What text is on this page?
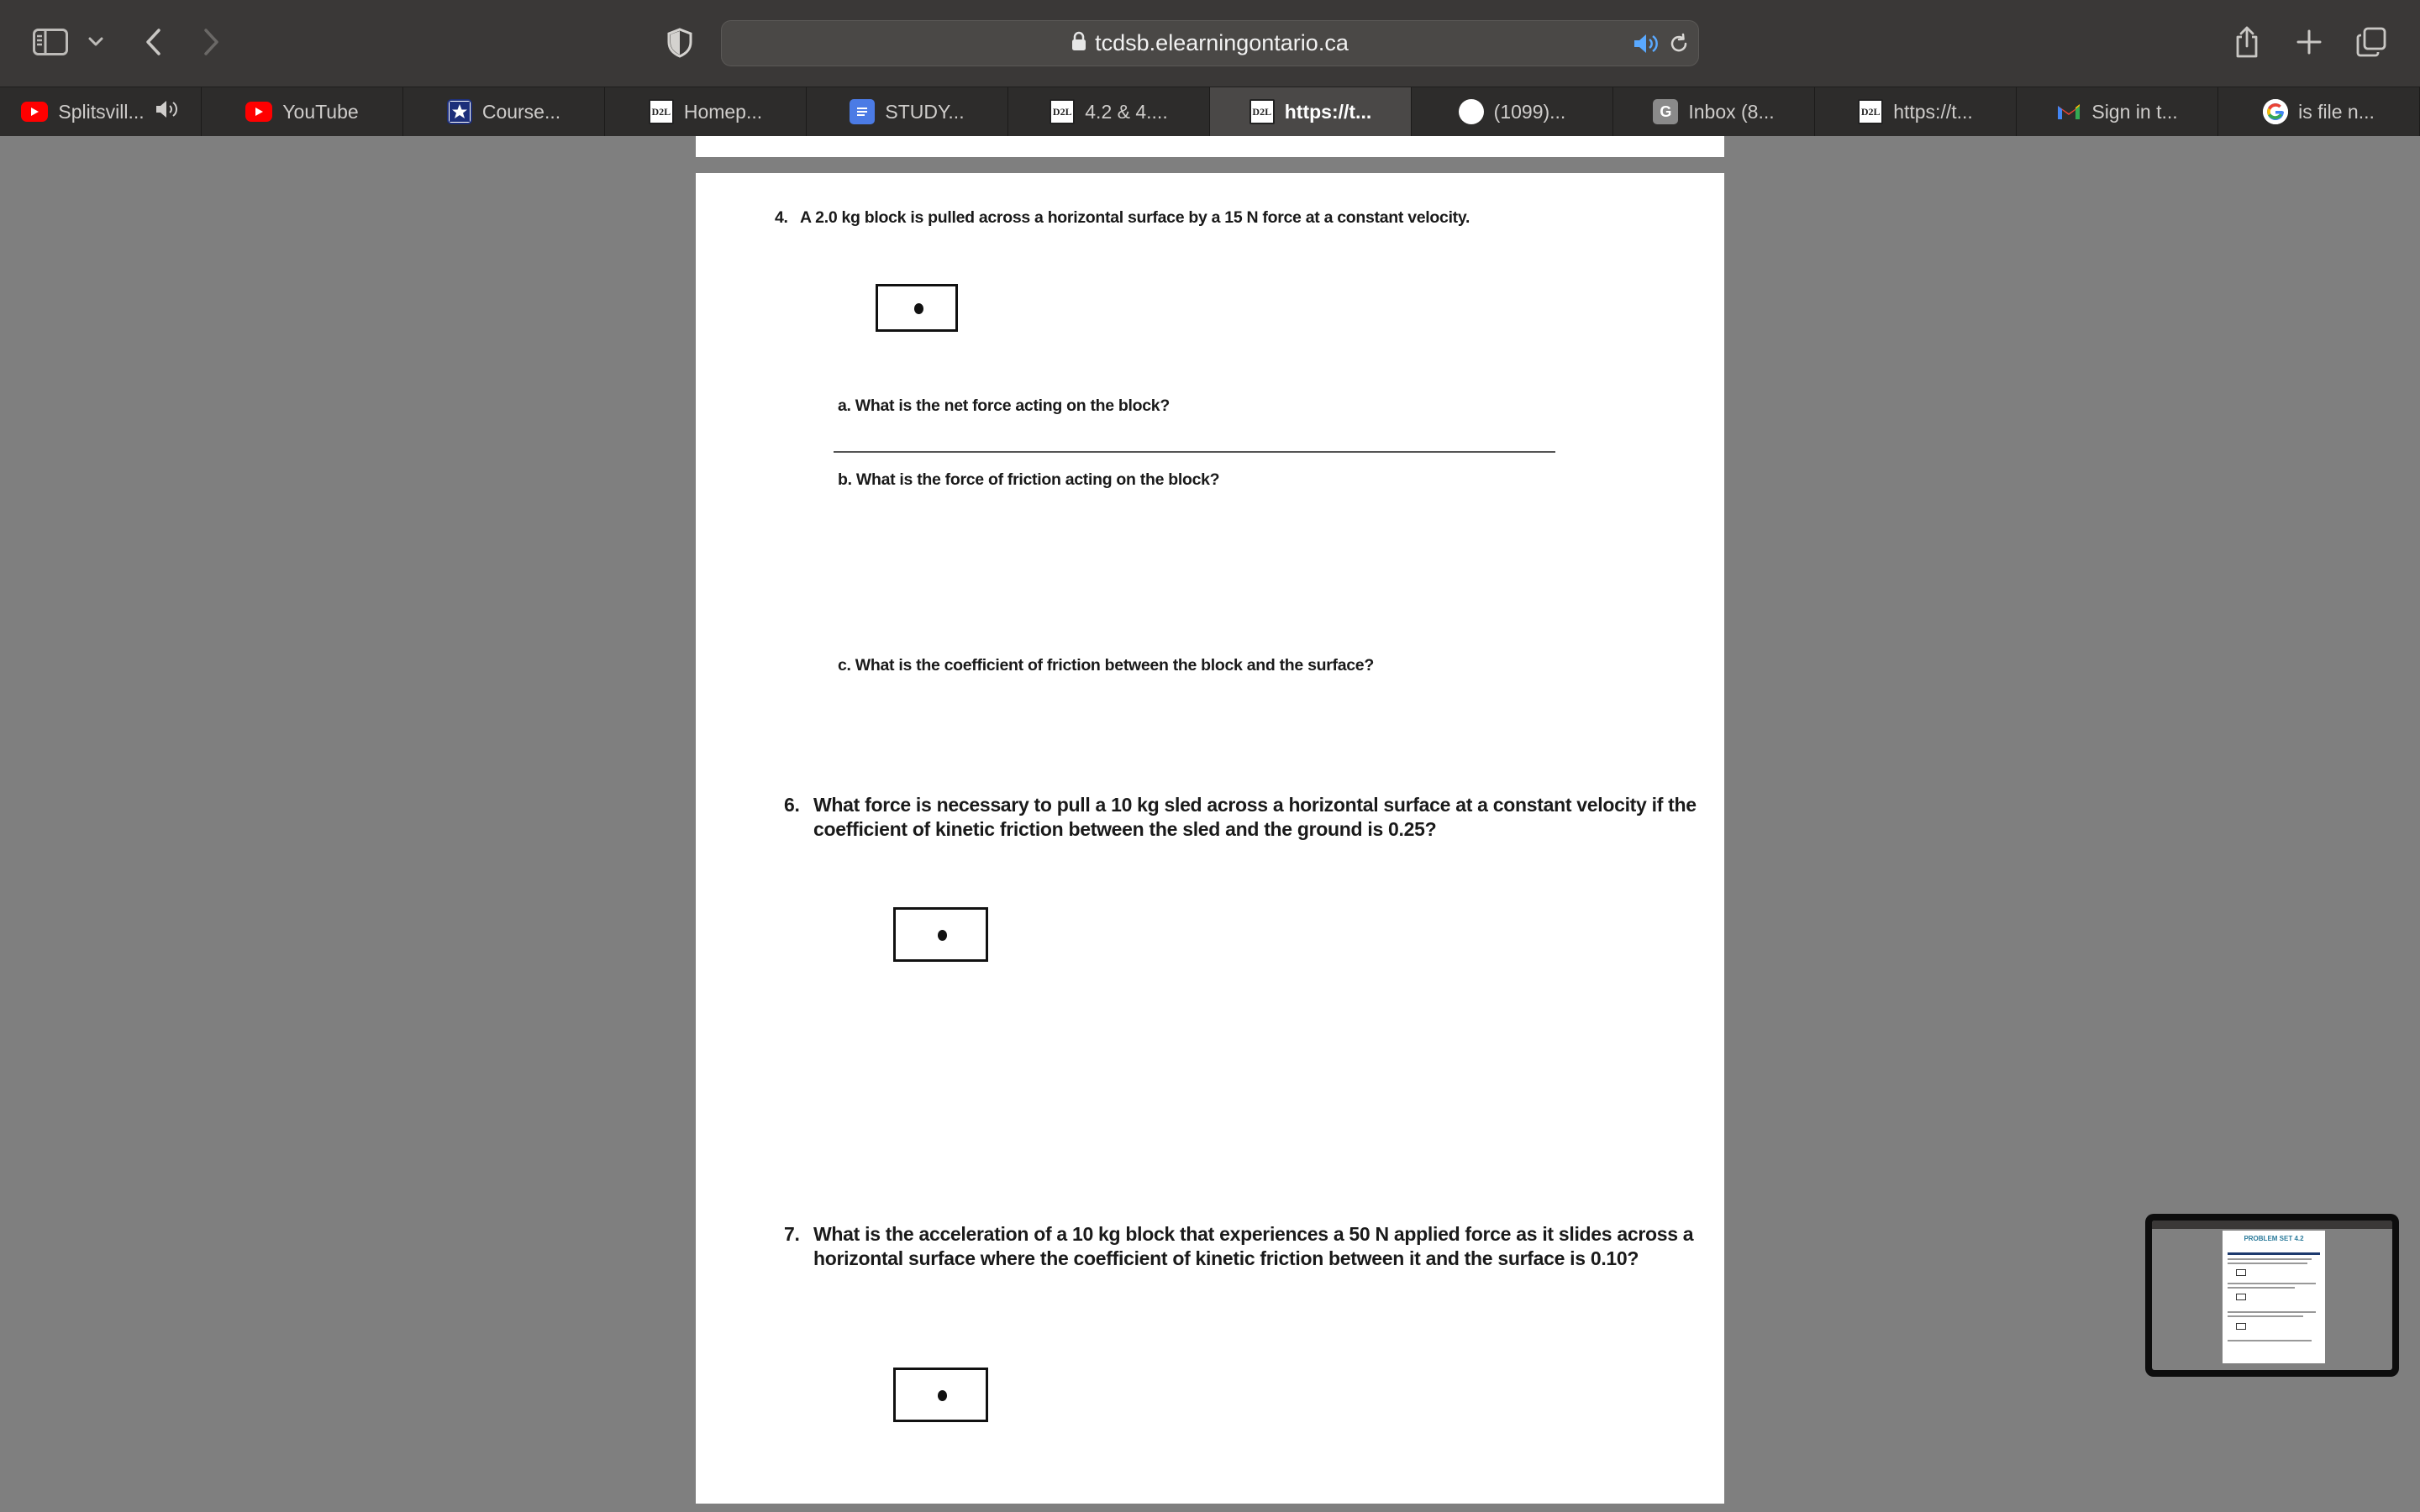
tcdsb.elearningontario.ca
Splitsvill...	YouTube	Course...	D2L Homep...	STUDY...	D2L 4.2 & 4....	D2L https://t...	p (1099)...	G Inbox (8...	D2L https://t...	Sign in t...	is file n...
4. A 2.0 kg block is pulled across a horizontal surface by a 15 N force at a constant velocity.
a. What is the net force acting on the block?
b. What is the force of friction acting on the block?
c. What is the coefficient of friction between the block and the surface?
6. What force is necessary to pull a 10 kg sled across a horizontal surface at a constant velocity if the
coefficient of kinetic friction between the sled and the ground is 0.25?
7. What is the acceleration of a 10 kg block that experiences a 50 N applied force as it slides across a
horizontal surface where the coefficient of kinetic friction between it and the surface is 0.10?
PROBLEM SET 4.2
